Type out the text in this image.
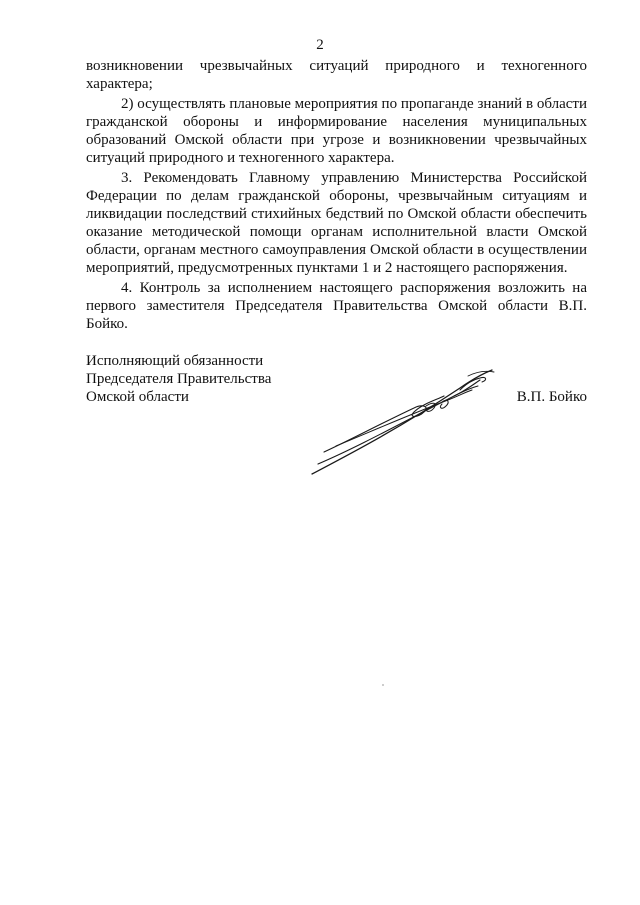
2

возникновении чрезвычайных ситуаций природного и техногенного характера;

2) осуществлять плановые мероприятия по пропаганде знаний в области гражданской обороны и информирование населения муниципальных образований Омской области при угрозе и возникновении чрезвычайных ситуаций природного и техногенного характера.

3. Рекомендовать Главному управлению Министерства Российской Федерации по делам гражданской обороны, чрезвычайным ситуациям и ликвидации последствий стихийных бедствий по Омской области обеспечить оказание методической помощи органам исполнительной власти Омской области, органам местного самоуправления Омской области в осуществлении мероприятий, предусмотренных пунктами 1 и 2 настоящего распоряжения.

4. Контроль за исполнением настоящего распоряжения возложить на первого заместителя Председателя Правительства Омской области В.П. Бойко.

Исполняющий обязанности
Председателя Правительства
Омской области	В.П. Бойко
